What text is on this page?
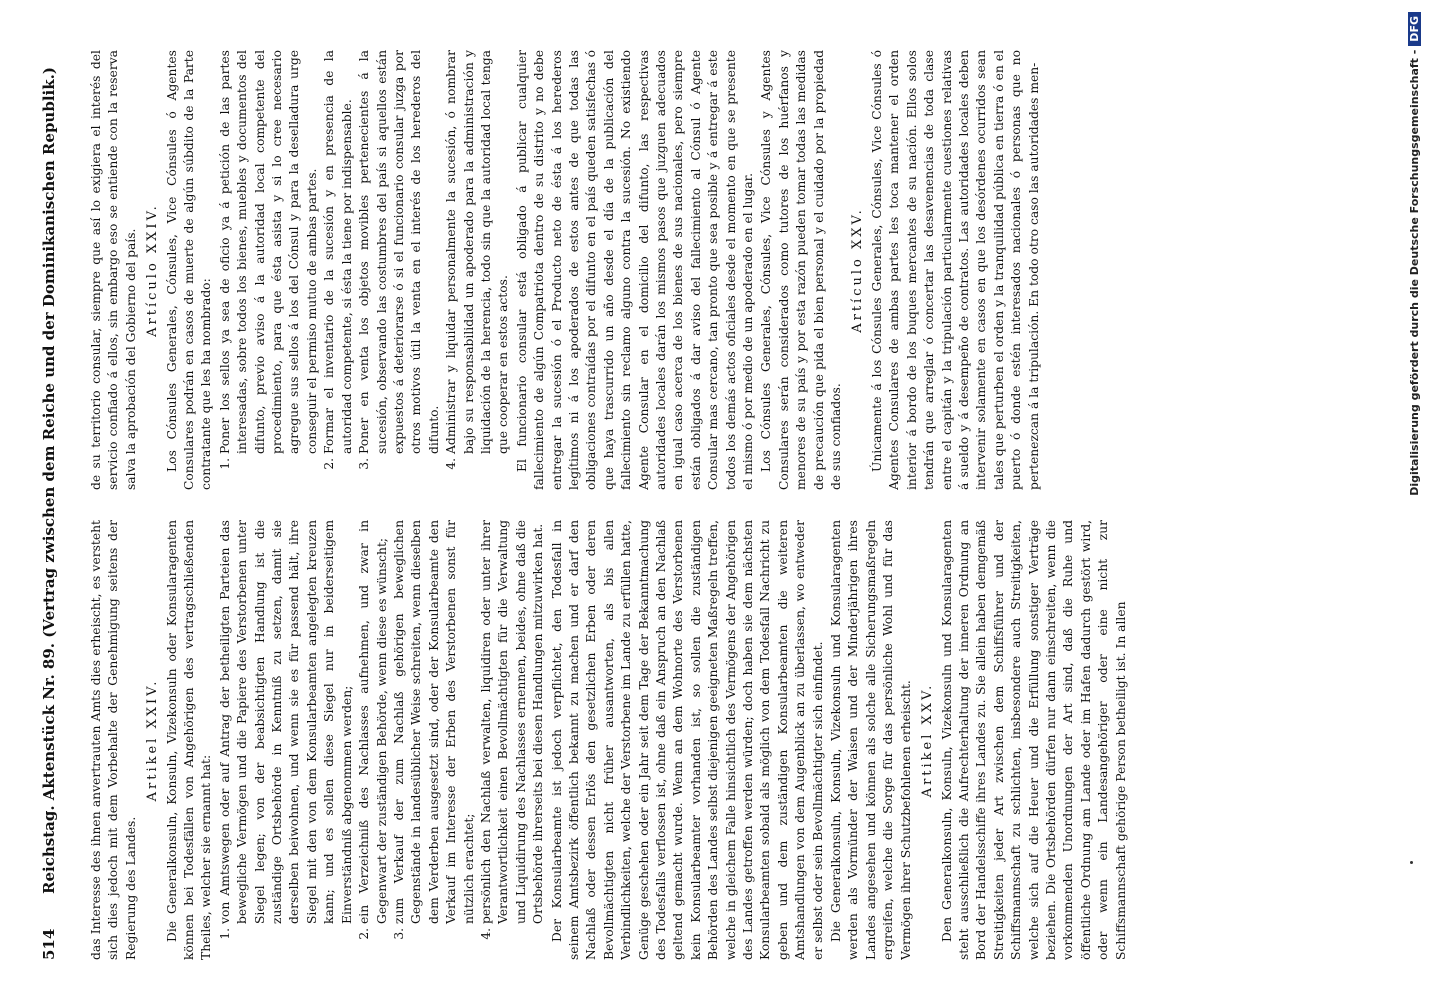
514Reichstag. Aktenstück Nr. 89. (Vertrag zwischen dem Reiche und der Dominikanischen Republik.)	das Interesse des ihnen anvertrauten Amts dies erheischt, es versteht sich dies jedoch mit dem Vorbehalte der Genehmigung seitens der Regierung des Landes.

Artikel XXIV. Die Generalkonsuln, Konsuln, Vizekonsuln oder Konsularagenten können bei Todesfällen von Angehörigen des vertragschließenden Theiles, welcher sie ernannt hat: 1. von Amtswegen oder auf Antrag der betheiligten Parteien das bewegliche Vermögen und die Papiere des Verstorbenen unter Siegel legen; von der beabsichtigten Handlung ist die zuständige Ortsbehörde in Kenntniß zu setzen, damit sie derselben beiwohnen, und wenn sie es für passend hält, ihre Siegel mit den von dem Konsularbeamten angelegten kreuzen kann; und es sollen diese Siegel nur in beiderseitigem Einverständniß abgenommen werden; 2. ein Verzeichniß des Nachlasses aufnehmen, und zwar in Gegenwart der zuständigen Behörde, wenn diese es wünscht; 3. zum Verkauf der zum Nachlaß gehörigen beweglichen Gegenstände in landesüblicher Weise schreiten, wenn dieselben dem Verderben ausgesetzt sind, oder der Konsularbeamte den Verkauf im Interesse der Erben des Verstorbenen sonst für nützlich erachtet; 4. persönlich den Nachlaß verwalten, liquidiren oder unter ihrer Verantwortlichkeit einen Bevollmächtigten für die Verwaltung und Liquidirung des Nachlasses ernennen, beides, ohne daß die Ortsbehörde ihrerseits bei diesen Handlungen mitzuwirken hat. Der Konsularbeamte ist jedoch verpflichtet, den Todesfall in seinem Amtsbezirk öffentlich bekannt zu machen und er darf den Nachlaß oder dessen Erlös den gesetzlichen Erben oder deren Bevollmächtigten nicht früher ausantworten, als bis allen Verbindlichkeiten, welche der Verstorbene im Lande zu erfüllen hatte, Genüge geschehen oder ein Jahr seit dem Tage der Bekanntmachung des Todesfalls verflossen ist, ohne daß ein Anspruch an den Nachlaß geltend gemacht wurde. Wenn an dem Wohnorte des Verstorbenen kein Konsularbeamter vorhanden ist, so sollen die zuständigen Behörden des Landes selbst diejenigen geeigneten Maßregeln treffen, welche in gleichem Falle hinsichtlich des Vermögens der Angehörigen des Landes getroffen werden würden; doch haben sie dem nächsten Konsularbeamten sobald als möglich von dem Todesfall Nachricht zu geben und dem zuständigen Konsularbeamten die weiteren Amtshandlungen von dem Augenblick an zu überlassen, wo entweder er selbst oder sein Bevollmächtigter sich einfindet. Die Generalkonsuln, Konsuln, Vizekonsuln und Konsularagenten werden als Vormünder der Waisen und der Minderjährigen ihres Landes angesehen und können als solche alle Sicherungsmaßregeln ergreifen, welche die Sorge für das persönliche Wohl und für das Vermögen ihrer Schutzbefohlenen erheischt. Artikel XXV. Den Generalkonsuln, Konsuln, Vizekonsuln und Konsularagenten steht ausschließlich die Aufrechterhaltung der inneren Ordnung an Bord der Handelsschiffe ihres Landes zu. Sie allein haben demgemäß Streitigkeiten jeder Art zwischen dem Schiffsführer und der Schiffsmannschaft zu schlichten, insbesondere auch Streitigkeiten, welche sich auf die Heuer und die Erfüllung sonstiger Verträge beziehen. Die Ortsbehörden dürfen nur dann einschreiten, wenn die vorkommenden Unordnungen der Art sind, daß die Ruhe und öffentliche Ordnung am Lande oder im Hafen dadurch gestört wird, oder wenn ein Landesangehöriger oder eine nicht zur Schiffsmannschaft gehörige Person betheiligt ist. In allen

de su territorio consular, siempre que así lo exigiera el interés del servicio confiado á ellos, sin embargo eso se entiende con la reserva salva la aprobación del Gobierno del país. Artículo XXIV. Los Cónsules Generales, Cónsules, Vice Cónsules ó Agentes Consulares podrán en casos de muerte de algún súbdito de la Parte contratante que les ha nombrado: 1. Poner los sellos ya sea de oficio ya á petición de las partes interesadas, sobre todos los bienes, muebles y documentos del difunto, previo aviso á la autoridad local competente del procedimiento, para que ésta asista y si lo cree necesario agregue sus sellos á los del Cónsul y para la deselladura urge conseguir el permiso mutuo de ambas partes. 2. Formar el inventario de la sucesión y en presencia de la autoridad competente, si ésta la tiene por indispensable. 3. Poner en venta los objetos movibles pertenecientes á la sucesión, observando las costumbres del país si aquellos están expuestos á deteriorarse ó si el funcionario consular juzga por otros motivos útil la venta en el interés de los herederos del difunto. 4. Administrar y liquidar personalmente la sucesión, ó nombrar bajo su responsabilidad un apoderado para la administración y liquidación de la herencia, todo sin que la autoridad local tenga que cooperar en estos actos. El funcionario consular está obligado á publicar cualquier fallecimiento de algún Compatriota dentro de su distrito y no debe entregar la sucesión ó el Producto neto de ésta á los herederos legítimos ni á los apoderados de estos antes de que todas las obligaciones contraídas por el difunto en el país queden satisfechas ó que haya trascurrido un año desde el día de la publicación del fallecimiento sin reclamo alguno contra la sucesión. No existiendo Agente Consular en el domicilio del difunto, las respectivas autoridades locales darán los mismos pasos que juzguen adecuados en igual caso acerca de los bienes de sus nacionales, pero siempre están obligados á dar aviso del fallecimiento al Cónsul ó Agente Consular mas cercano, tan pronto que sea posible y á entregar á este todos los demás actos oficiales desde el momento en que se presente el mismo ó por medio de un apoderado en el lugar. Los Cónsules Generales, Cónsules, Vice Cónsules y Agentes Consulares serán considerados como tutores de los huérfanos y menores de su país y por esta razón pueden tomar todas las medidas de precaución que pida el bien personal y el cuidado por la propiedad de sus confiados.

Artículo XXV. Únicamente á los Cónsules Generales, Cónsules, Vice Cónsules ó Agentes Consulares de ambas partes les toca mantener el orden interior á bordo de los buques mercantes de su nación. Ellos solos tendrán que arreglar ó concertar las desavenencias de toda clase entre el capitán y la tripulación particularmente cuestiones relativas á sueldo y á desempeño de contratos. Las autoridades locales deben intervenir solamente en casos en que los desórdenes ocurridos sean tales que perturben el orden y la tranquilidad pública en tierra ó en el puerto ó donde estén interesados nacionales ó personas que no pertenezcan á la tripulación. En todo otro caso las autoridades men-	Digitalisierung gefördert durch die Deutsche Forschungsgemeinschaft -DFG
